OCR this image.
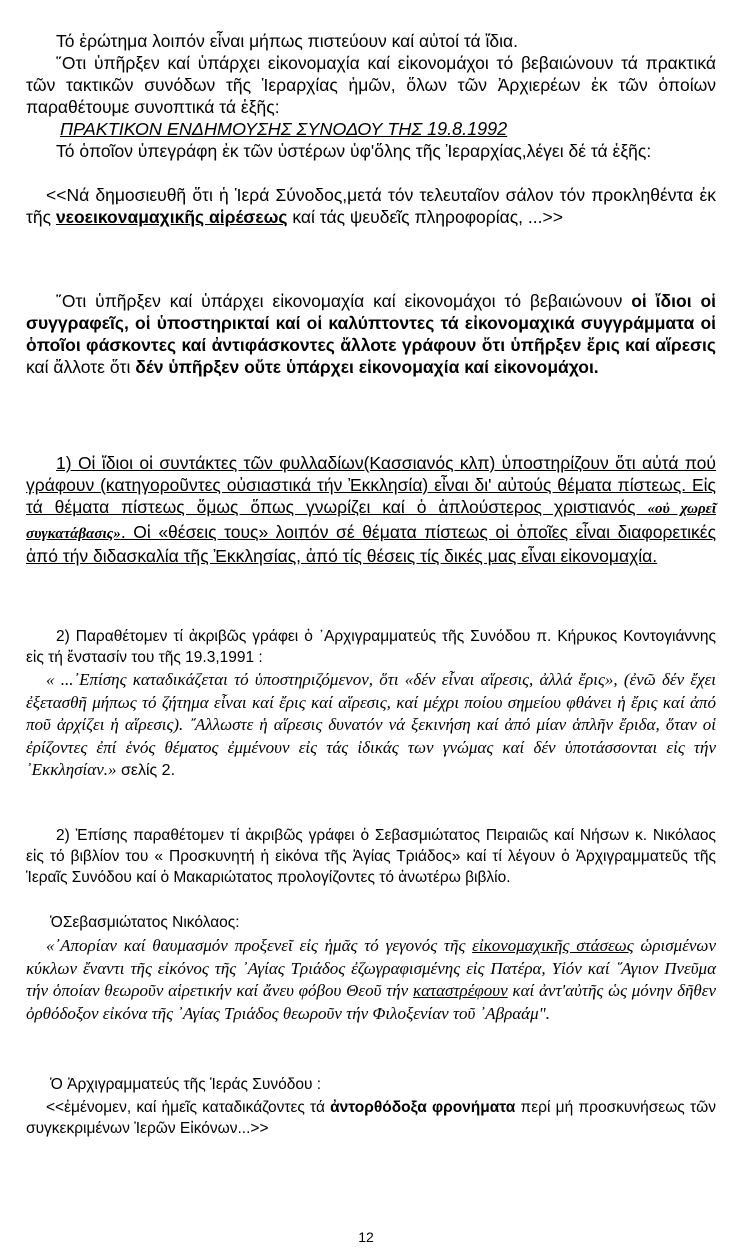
Τό ἐρώτημα λοιπόν εἶναι μήπως πιστεύουν καί αὐτοί τά ἴδια.

῞Οτι ὑπῆρξεν καί ὑπάρχει εἰκονομαχία καί εἰκονομάχοι τό βεβαιώνουν τά πρακτικά τῶν τακτικῶν συνόδων τῆς Ἱεραρχίας ἡμῶν, ὅλων τῶν Ἀρχιερέων ἐκ τῶν ὁποίων παραθέτουμε συνοπτικά τά ἑξῆς:

ΠΡΑΚΤΙΚΟΝ ΕΝΔΗΜΟΥΣΗΣ ΣΥΝΟΔΟΥ ΤΗΣ 19.8.1992

Τό ὁποῖον ὑπεγράφη ἐκ τῶν ὑστέρων ὑφ'ὅλης τῆς Ἱεραρχίας,λέγει δέ τά ἑξῆς:

<<Νά δημοσιευθῆ ὅτι ἡ Ἱερά Σύνοδος,μετά τόν τελευταῖον σάλον τόν προκληθέντα ἐκ τῆς νεοεικοναμαχικῆς αἱρέσεως καί τάς ψευδεῖς πληροφορίας, ...>>

῞Οτι ὑπῆρξεν καί ὑπάρχει εἰκονομαχία καί εἰκονομάχοι τό βεβαιώνουν οἱ ἴδιοι οἱ συγγραφεῖς, οἱ ὑποστηρικταί καί οἱ καλύπτοντες τά εἰκονομαχικά συγγράμματα οἱ ὁποῖοι φάσκοντες καί ἀντιφάσκοντες ἄλλοτε γράφουν ὅτι ὑπῆρξεν ἔρις καί αἵρεσις καί ἄλλοτε ὅτι δέν ὑπῆρξεν οὔτε ὑπάρχει εἰκονομαχία καί εἰκονομάχοι.

1) Οἱ ἴδιοι οἱ συντάκτες τῶν φυλλαδίων(Κασσιανός κλπ) ὑποστηρίζουν ὅτι αὐτά πού γράφουν (κατηγοροῦντες οὐσιαστικά τήν Ἐκκλησία) εἶναι δι' αὐτούς θέματα πίστεως. Εἰς τά θέματα πίστεως ὅμως ὅπως γνωρίζει καί ὁ ἁπλούστερος χριστιανός «οὐ χωρεῖ συγκατάβασις». Οἱ «θέσεις τους» λοιπόν σέ θέματα πίστεως οἱ ὁποῖες εἶναι διαφορετικές ἀπό τήν διδασκαλία τῆς Ἐκκλησίας, ἀπό τίς θέσεις τίς δικές μας εἶναι εἰκονομαχία.

2) Παραθέτομεν τί ἀκριβῶς γράφει ὁ ᾿Αρχιγραμματεύς τῆς Συνόδου π. Κήρυκος Κοντογιάννης εἰς τή ἔνστασίν του τῆς 19.3,1991 :

« ...᾿Επίσης καταδικάζεται τό ὑποστηριζόμενον, ὅτι «δέν εἶναι αἵρεσις, ἀλλά ἔρις», (ἐνῶ δέν ἔχει ἐξετασθῆ μήπως τό ζήτημα εἶναι καί ἔρις καί αἵρεσις, καί μέχρι ποίου σημείου φθάνει ἡ ἔρις καί ἀπό ποῦ ἀρχίζει ἡ αἵρεσις). ῎Αλλωστε ἡ αἵρεσις δυνατόν νά ξεκινήση καί ἀπό μίαν ἁπλῆν ἔριδα, ὅταν οἱ ἐρίζοντες ἐπί ἑνός θέματος ἐμμένουν εἰς τάς ἰδικάς των γνώμας καί δέν ὑποτάσσονται εἰς τήν ᾿Εκκλησίαν.» σελίς 2.

2) Ἐπίσης παραθέτομεν τί ἀκριβῶς γράφει ὁ Σεβασμιώτατος Πειραιῶς καί Νήσων κ. Νικόλαος εἰς τό βιβλίον του « Προσκυνητή ἡ εἰκόνα τῆς Ἁγίας Τριάδος» καί τί λέγουν ὁ Ἀρχιγραμματεῦς τῆς Ἱεραῖς Συνόδου καί ὁ Μακαριώτατος προλογίζοντες τό ἀνωτέρω βιβλίο.

ὉΣεβασμιώτατος Νικόλαος:

«᾿Απορίαν καί θαυμασμόν προξενεῖ εἰς ἡμᾶς τό γεγονός τῆς εἰκονομαχικῆς στάσεως ὡρισμένων κύκλων ἔναντι τῆς εἰκόνος τῆς ᾿Αγίας Τριάδος ἐζωγραφισμένης εἰς Πατέρα, Υἱόν καί ῞Αγιον Πνεῦμα τήν ὁποίαν θεωροῦν αἱρετικήν καί ἄνευ φόβου Θεοῦ τήν καταστρέφουν καί ἀντ'αὐτῆς ὡς μόνην δῆθεν ὀρθόδοξον εἰκόνα τῆς ᾿Αγίας Τριάδος θεωροῦν τήν Φιλοξενίαν τοῦ ᾿Αβραάμ".

Ὁ Ἀρχιγραμματεύς τῆς Ἱεράς Συνόδου :

<<ἐμένομεν, καί ἡμεῖς καταδικάζοντες τά ἀντορθόδοξα φρονήματα περί μή προσκυνήσεως τῶν συγκεκριμένων Ἱερῶν Εἰκόνων...>>

12
